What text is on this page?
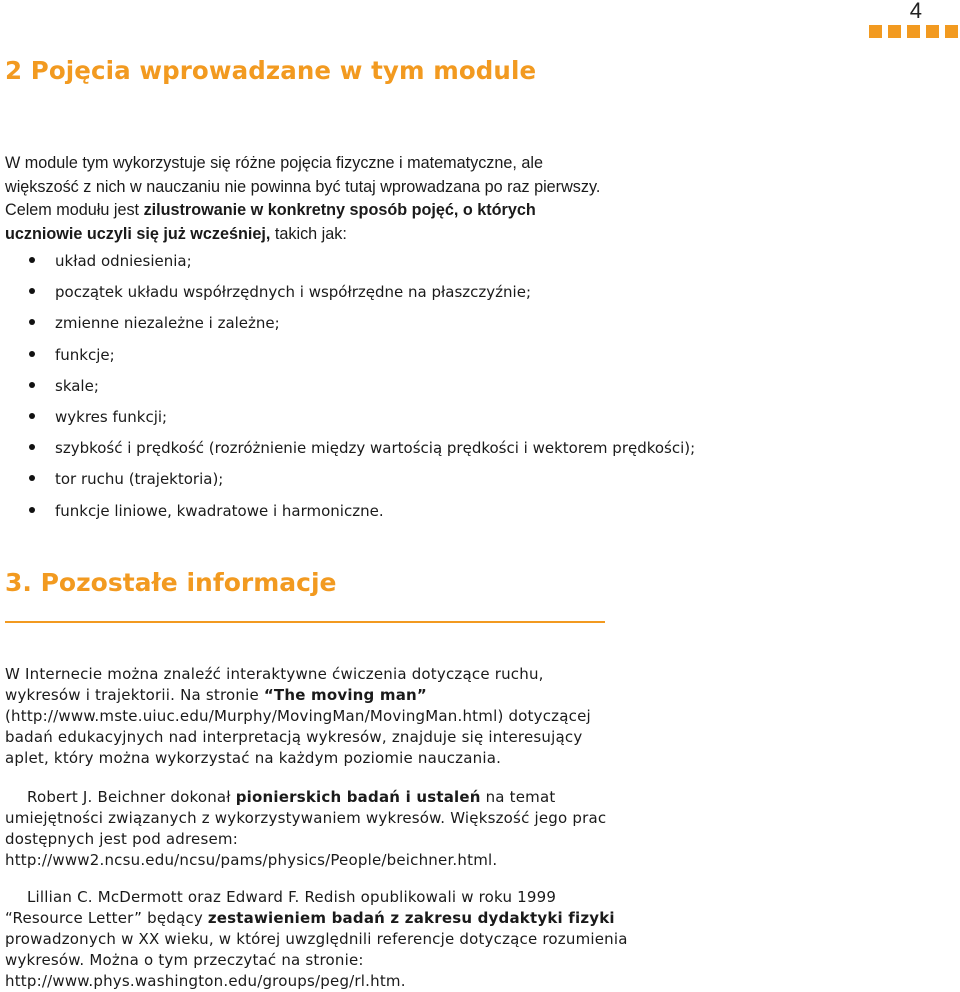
4
2 Pojęcia wprowadzane w tym module

W module tym wykorzystuje się różne pojęcia fizyczne i matematyczne, ale większość z nich w nauczaniu nie powinna być tutaj wprowadzana po raz pierwszy. Celem modułu jest zilustrowanie w konkretny sposób pojęć, o których uczniowie uczyli się już wcześniej, takich jak:

układ odniesienia;
początek układu współrzędnych i współrzędne na płaszczyźnie;
zmienne niezależne i zależne;
funkcje;
skale;
wykres funkcji;
szybkość i prędkość (rozróżnienie między wartością prędkości i wektorem prędkości);
tor ruchu (trajektoria);
funkcje liniowe, kwadratowe i harmoniczne.
3. Pozostałe informacje

W Internecie można znaleźć interaktywne ćwiczenia dotyczące ruchu, wykresów i trajektorii. Na stronie “The moving man” (http://www.mste.uiuc.edu/Murphy/MovingMan/MovingMan.html) dotyczącej badań edukacyjnych nad interpretacją wykresów, znajduje się interesujący aplet, który można wykorzystać na każdym poziomie nauczania.

Robert J. Beichner dokonał pionierskich badań i ustaleń na temat umiejętności związanych z wykorzystywaniem wykresów. Większość jego prac dostępnych jest pod adresem: http://www2.ncsu.edu/ncsu/pams/physics/People/beichner.html.

Lillian C. McDermott oraz Edward F. Redish opublikowali w roku 1999 “Resource Letter” będący zestawieniem badań z zakresu dydaktyki fizyki prowadzonych w XX wieku, w której uwzględnili referencje dotyczące rozumienia wykresów. Można o tym przeczytać na stronie: http://www.phys.washington.edu/groups/peg/rl.htm.
